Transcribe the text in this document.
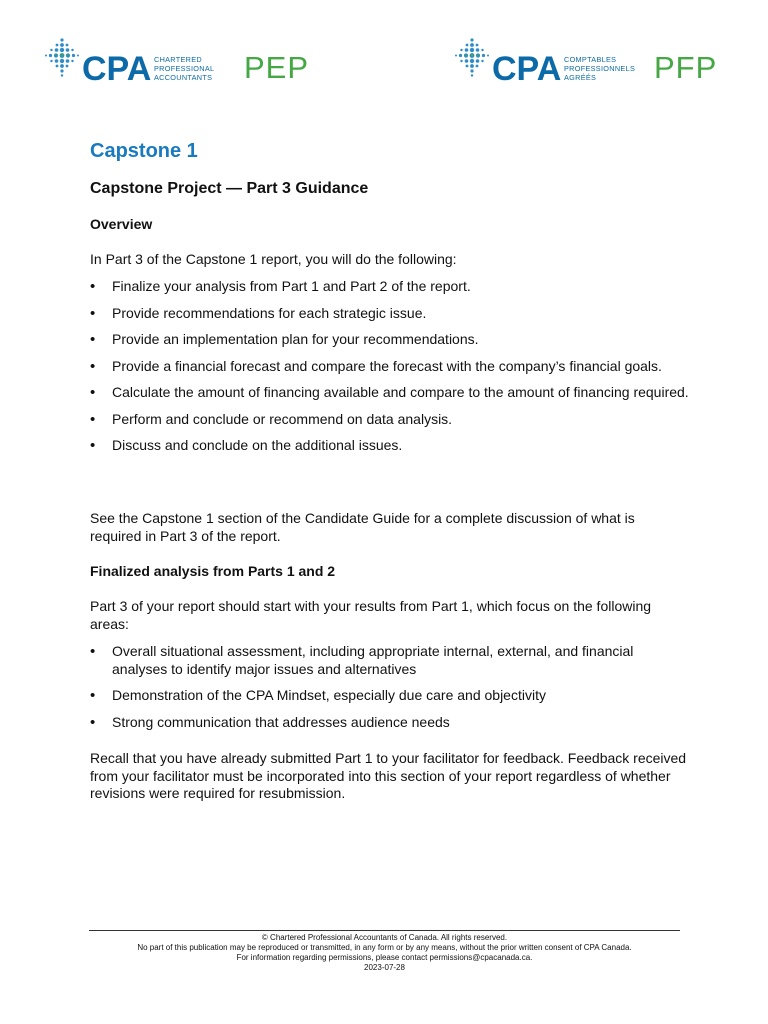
CPA CHARTERED
PROFESSIONAL
ACCOUNTANTS PEP	CPA COMPTABLES
PROFESSIONNELS
AGRÉÉS	PFP
Capstone 1
Capstone Project — Part 3 Guidance
Overview
In Part 3 of the Capstone 1 report, you will do the following:
• Finalize your analysis from Part 1 and Part 2 of the report.
• Provide recommendations for each strategic issue.
• Provide an implementation plan for your recommendations.
• Provide a financial forecast and compare the forecast with the company’s financial goals.
• Calculate the amount of financing available and compare to the amount of financing required.
• Perform and conclude or recommend on data analysis.
• Discuss and conclude on the additional issues.
See the Capstone 1 section of the Candidate Guide for a complete discussion of what is required in Part 3 of the report.
Finalized analysis from Parts 1 and 2
Part 3 of your report should start with your results from Part 1, which focus on the following areas:
• Overall situational assessment, including appropriate internal, external, and financial analyses to identify major issues and alternatives
• Demonstration of the CPA Mindset, especially due care and objectivity
• Strong communication that addresses audience needs
Recall that you have already submitted Part 1 to your facilitator for feedback. Feedback received from your facilitator must be incorporated into this section of your report regardless of whether revisions were required for resubmission.
© Chartered Professional Accountants of Canada. All rights reserved.
No part of this publication may be reproduced or transmitted, in any form or by any means, without the prior written consent of CPA Canada.
For information regarding permissions, please contact permissions@cpacanada.ca.
2023-07-28
